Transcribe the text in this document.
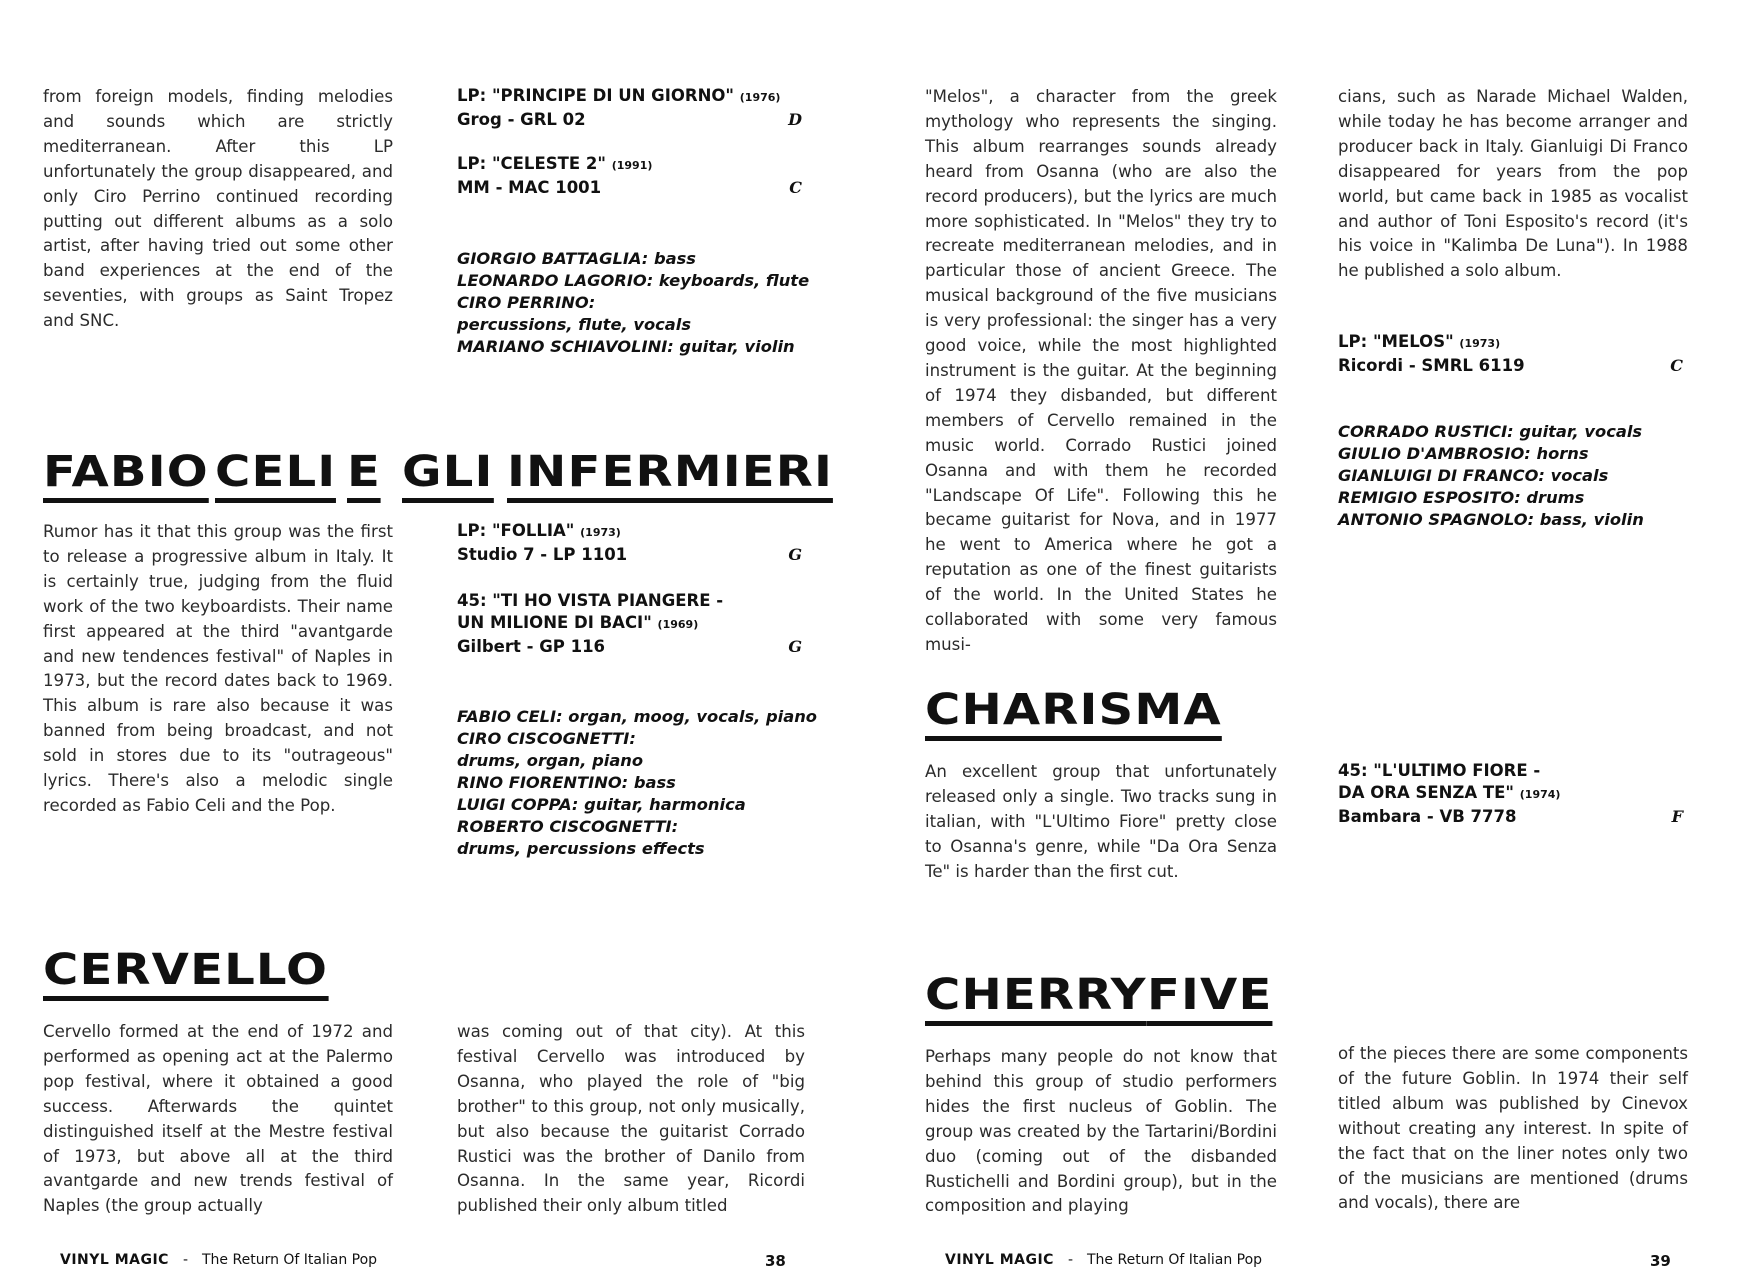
from foreign models, finding melodies and sounds which are strictly mediterranean. After this LP unfortunately the group disappeared, and only Ciro Perrino continued recording putting out different albums as a solo artist, after having tried out some other band experiences at the end of the seventies, with groups as Saint Tropez and SNC.

LP: "PRINCIPE DI UN GIORNO" (1976)
Grog - GRL 02	D
LP: "CELESTE 2" (1991)
MM - MAC 1001	C
GIORGIO BATTAGLIA: bass
LEONARDO LAGORIO: keyboards, flute
CIRO PERRINO:
percussions, flute, vocals
MARIANO SCHIAVOLINI: guitar, violin
FABIO CELI E GLI INFERMIERI

Rumor has it that this group was the first to release a progressive album in Italy. It is certainly true, judging from the fluid work of the two keyboardists. Their name first appeared at the third "avantgarde and new tendences festival" of Naples in 1973, but the record dates back to 1969. This album is rare also because it was banned from being broadcast, and not sold in stores due to its "outrageous" lyrics. There's also a melodic single recorded as Fabio Celi and the Pop.

LP: "FOLLIA" (1973)
Studio 7 - LP 1101	G
45: "TI HO VISTA PIANGERE -
UN MILIONE DI BACI" (1969)
Gilbert - GP 116	G
FABIO CELI: organ, moog, vocals, piano
CIRO CISCOGNETTI:
drums, organ, piano
RINO FIORENTINO: bass
LUIGI COPPA: guitar, harmonica
ROBERTO CISCOGNETTI:
drums, percussions effects
CERVELLO

Cervello formed at the end of 1972 and performed as opening act at the Palermo pop festival, where it obtained a good success. Afterwards the quintet distinguished itself at the Mestre festival of 1973, but above all at the third avantgarde and new trends festival of Naples (the group actually

was coming out of that city). At this festival Cervello was introduced by Osanna, who played the role of "big brother" to this group, not only musically, but also because the guitarist Corrado Rustici was the brother of Danilo from Osanna. In the same year, Ricordi published their only album titled

VINYL MAGIC - The Return Of Italian Pop	38

"Melos", a character from the greek mythology who represents the singing. This album rearranges sounds already heard from Osanna (who are also the record producers), but the lyrics are much more sophisticated. In "Melos" they try to recreate mediterranean melodies, and in particular those of ancient Greece. The musical background of the five musicians is very professional: the singer has a very good voice, while the most highlighted instrument is the guitar. At the beginning of 1974 they disbanded, but different members of Cervello remained in the music world. Corrado Rustici joined Osanna and with them he recorded "Landscape Of Life". Following this he became guitarist for Nova, and in 1977 he went to America where he got a reputation as one of the finest guitarists of the world. In the United States he collaborated with some very famous musi-

cians, such as Narade Michael Walden, while today he has become arranger and producer back in Italy. Gianluigi Di Franco disappeared for years from the pop world, but came back in 1985 as vocalist and author of Toni Esposito's record (it's his voice in "Kalimba De Luna"). In 1988 he published a solo album.

LP: "MELOS" (1973)
Ricordi - SMRL 6119	C
CORRADO RUSTICI: guitar, vocals
GIULIO D'AMBROSIO: horns
GIANLUIGI DI FRANCO: vocals
REMIGIO ESPOSITO: drums
ANTONIO SPAGNOLO: bass, violin
CHARISMA

An excellent group that unfortunately released only a single. Two tracks sung in italian, with "L'Ultimo Fiore" pretty close to Osanna's genre, while "Da Ora Senza Te" is harder than the first cut.

45: "L'ULTIMO FIORE -
DA ORA SENZA TE" (1974)
Bambara - VB 7778	F
CHERRY FIVE

Perhaps many people do not know that behind this group of studio performers hides the first nucleus of Goblin. The group was created by the Tartarini/Bordini duo (coming out of the disbanded Rustichelli and Bordini group), but in the composition and playing

of the pieces there are some components of the future Goblin. In 1974 their self titled album was published by Cinevox without creating any interest. In spite of the fact that on the liner notes only two of the musicians are mentioned (drums and vocals), there are

VINYL MAGIC - The Return Of Italian Pop	39
